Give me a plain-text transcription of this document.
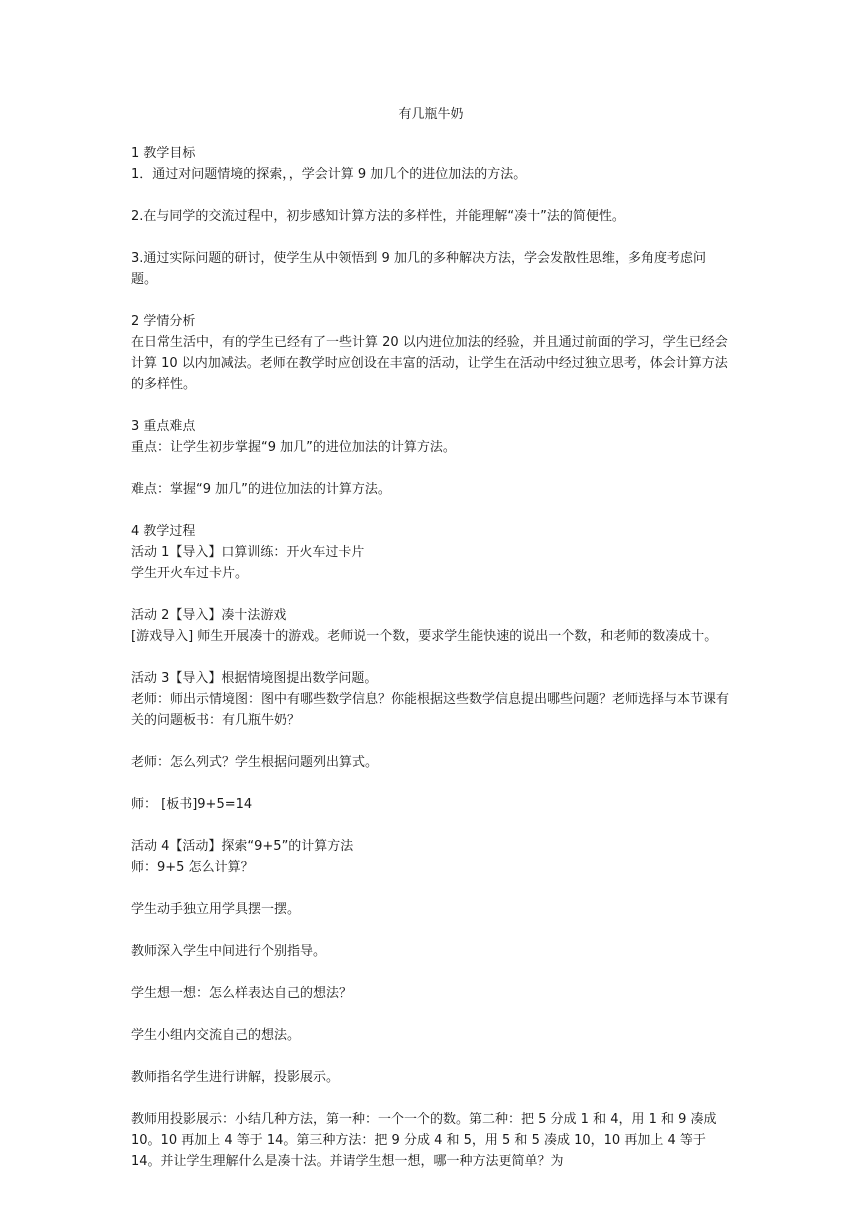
有几瓶牛奶

1 教学目标

1．通过对问题情境的探索，，学会计算 9 加几个的进位加法的方法。

2.在与同学的交流过程中，初步感知计算方法的多样性，并能理解“凑十”法的简便性。

3.通过实际问题的研讨，使学生从中领悟到 9 加几的多种解决方法，学会发散性思维，多角度考虑问题。

2 学情分析

在日常生活中，有的学生已经有了一些计算 20 以内进位加法的经验，并且通过前面的学习，学生已经会计算 10 以内加减法。老师在教学时应创设在丰富的活动，让学生在活动中经过独立思考，体会计算方法的多样性。

3 重点难点

重点：让学生初步掌握“9 加几”的进位加法的计算方法。

难点：掌握“9 加几”的进位加法的计算方法。

4 教学过程

活动 1【导入】口算训练：开火车过卡片

学生开火车过卡片。

活动 2【导入】凑十法游戏

[游戏导入] 师生开展凑十的游戏。老师说一个数，要求学生能快速的说出一个数，和老师的数凑成十。

活动 3【导入】根据情境图提出数学问题。

老师：师出示情境图：图中有哪些数学信息？你能根据这些数学信息提出哪些问题？老师选择与本节课有关的问题板书：有几瓶牛奶？

老师：怎么列式？学生根据问题列出算式。

师： [板书]9+5=14

活动 4【活动】探索“9+5”的计算方法

师：9+5 怎么计算？

学生动手独立用学具摆一摆。

教师深入学生中间进行个别指导。

学生想一想：怎么样表达自己的想法？

学生小组内交流自己的想法。

教师指名学生进行讲解，投影展示。

教师用投影展示：小结几种方法，第一种：一个一个的数。第二种：把 5 分成 1 和 4，用 1 和 9 凑成 10。10 再加上 4 等于 14。第三种方法：把 9 分成 4 和 5，用 5 和 5 凑成 10，10 再加上 4 等于 14。并让学生理解什么是凑十法。并请学生想一想，哪一种方法更简单？为
